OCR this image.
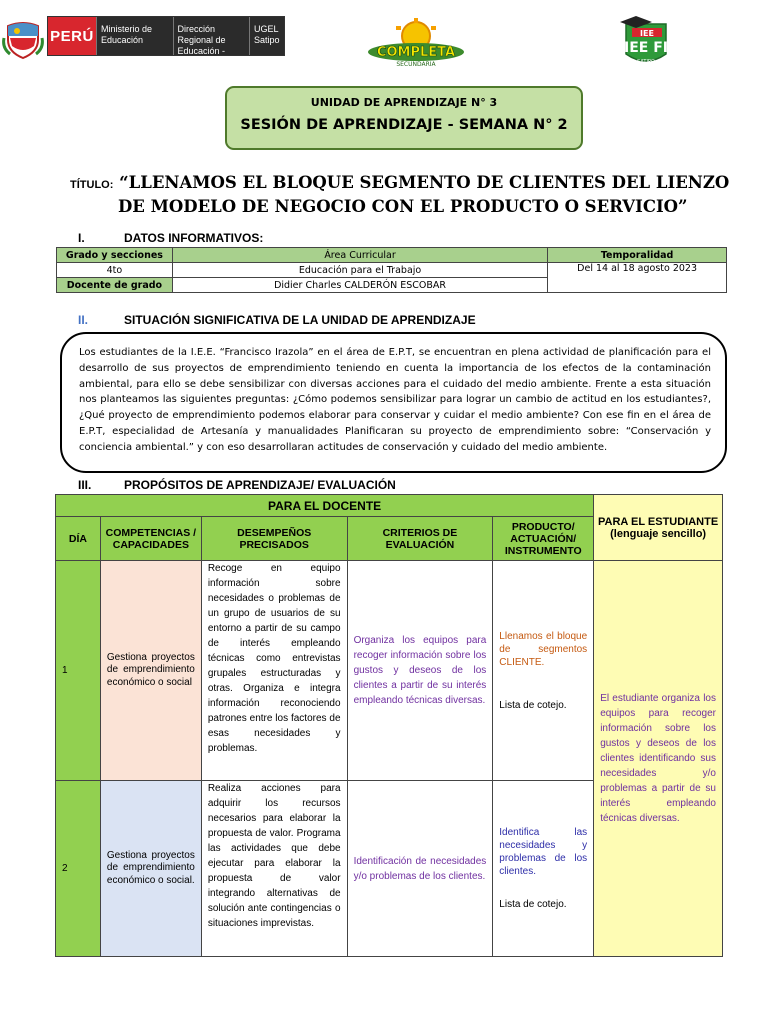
PERÚ Ministerio de Educación
Dirección Regional de Educación - Junín
UGEL Satipo
COMPLETA
SECUNDARIA
IEE
IEE FI
SATIPO
UNIDAD DE APRENDIZAJE N° 3
SESIÓN DE APRENDIZAJE - SEMANA N° 2
TÍTULO: “LLENAMOS EL BLOQUE SEGMENTO DE CLIENTES DEL LIENZO
DE MODELO DE NEGOCIO CON EL PRODUCTO O SERVICIO”
I.	DATOS INFORMATIVOS:
Grado y secciones	Área Curricular	Temporalidad
4to	Educación para el Trabajo	Del 14 al 18 agosto 2023
Docente de grado	Didier Charles CALDERÓN ESCOBAR	
II.	SITUACIÓN SIGNIFICATIVA DE LA UNIDAD DE APRENDIZAJE
Los estudiantes de la I.E.E. “Francisco Irazola” en el área de E.P.T, se encuentran en plena actividad de planificación para el desarrollo de sus proyectos de emprendimiento teniendo en cuenta la importancia de los efectos de la contaminación ambiental, para ello se debe sensibilizar con diversas acciones para el cuidado del medio ambiente. Frente a esta situación nos planteamos las siguientes preguntas: ¿Cómo podemos sensibilizar para lograr un cambio de actitud en los estudiantes?, ¿Qué proyecto de emprendimiento podemos elaborar para conservar y cuidar el medio ambiente? Con ese fin en el área de E.P.T, especialidad de Artesanía y manualidades Planificaran su proyecto de emprendimiento sobre: “Conservación y conciencia ambiental.” y con eso desarrollaran actitudes de conservación y cuidado del medio ambiente.
III.	PROPÓSITOS DE APRENDIZAJE/ EVALUACIÓN
PARA EL DOCENTE					PARA EL ESTUDIANTE
(lenguaje sencillo)

DÍA	COMPETENCIAS / CAPACIDADES	DESEMPEÑOS PRECISADOS	CRITERIOS DE EVALUACIÓN	PRODUCTO/ ACTUACIÓN/ INSTRUMENTO	
1	Gestiona proyectos de emprendimiento económico o social	Recoge en equipo información sobre necesidades o problemas de un grupo de usuarios de su entorno a partir de su campo de interés empleando técnicas como entrevistas grupales estructuradas y otras. Organiza e integra información reconociendo patrones entre los factores de esas necesidades y problemas.	Organiza los equipos para recoger información sobre los gustos y deseos de los clientes a partir de su interés empleando técnicas diversas.	Llenamos el bloque de segmentos CLIENTE.
Lista de cotejo.	El estudiante organiza los equipos para recoger información sobre los gustos y deseos de los clientes identificando sus necesidades y/o problemas a partir de su interés empleando técnicas diversas.
2	Gestiona proyectos de emprendimiento económico o social.	Realiza acciones para adquirir los recursos necesarios para elaborar la propuesta de valor. Programa las actividades que debe ejecutar para elaborar la propuesta de valor integrando alternativas de solución ante contingencias o situaciones imprevistas.	Identificación de necesidades y/o problemas de los clientes.	Identifica las necesidades y problemas de los clientes.
Lista de cotejo.	
